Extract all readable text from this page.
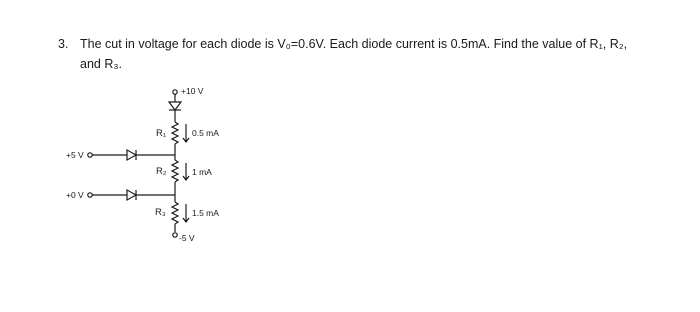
3. The cut in voltage for each diode is V₀=0.6V. Each diode current is 0.5mA. Find the value of R₁, R₂,
and R₃.
+10 V
+5 V
+0 V
R₁	0.5 mA
R₂	1 mA
R₃	1.5 mA
-5 V
